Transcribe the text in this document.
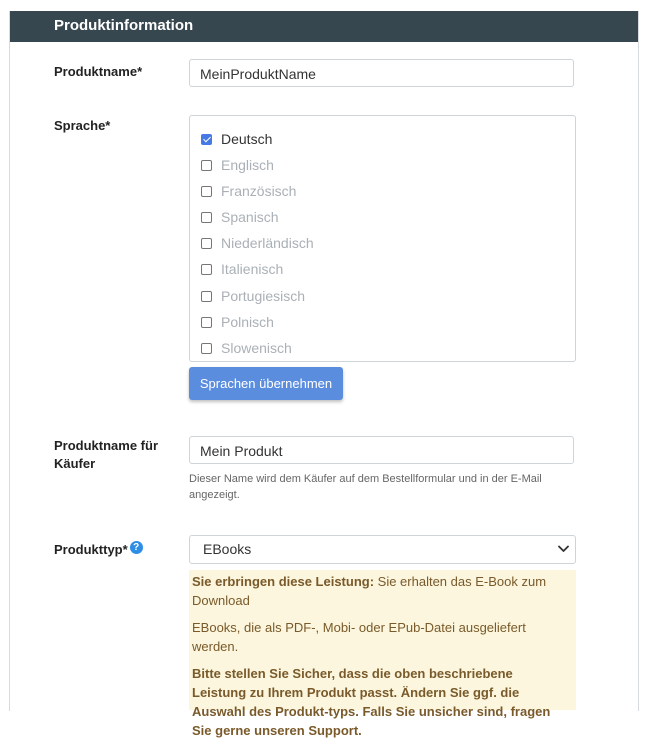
Produktinformation
Produktname*	MeinProduktName
Sprache*
Deutsch
Englisch
Französisch
Spanisch
Niederländisch
Italienisch
Portugiesisch
Polnisch
Slowenisch
Sprachen übernehmen
Produktname für
Käufer
Mein Produkt
Dieser Name wird dem Käufer auf dem Bestellformular und in der E-Mail
angezeigt.
Produkttyp* ?	EBooks

Sie erbringen diese Leistung: Sie erhalten das E-Book zum Download

EBooks, die als PDF-, Mobi- oder EPub-Datei ausgeliefert werden.

Bitte stellen Sie Sicher, dass die oben beschriebene Leistung zu Ihrem Produkt passt. Ändern Sie ggf. die Auswahl des Produkt-typs. Falls Sie unsicher sind, fragen Sie gerne unseren Support.
